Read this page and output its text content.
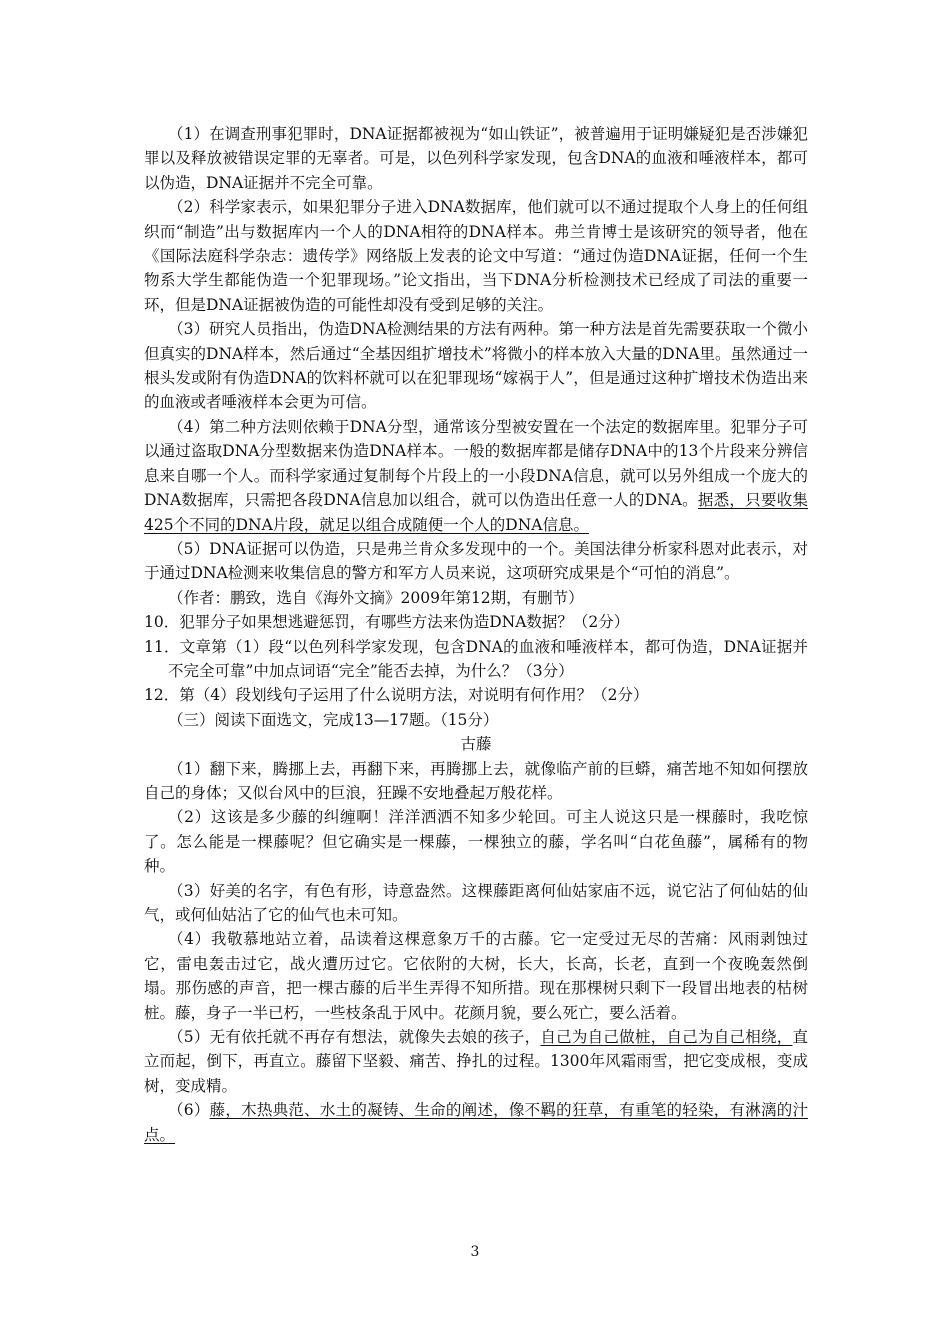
（1）在调查刑事犯罪时，DNA证据都被视为“如山铁证”，被普遍用于证明嫌疑犯是否涉嫌犯罪以及释放被错误定罪的无辜者。可是，以色列科学家发现，包含DNA的血液和唾液样本，都可以伪造，DNA证据并不完全可靠。

（2）科学家表示，如果犯罪分子进入DNA数据库，他们就可以不通过提取个人身上的任何组织而“制造”出与数据库内一个人的DNA相符的DNA样本。弗兰肯博士是该研究的领导者，他在《国际法庭科学杂志：遗传学》网络版上发表的论文中写道：“通过伪造DNA证据，任何一个生物系大学生都能伪造一个犯罪现场。”论文指出，当下DNA分析检测技术已经成了司法的重要一环，但是DNA证据被伪造的可能性却没有受到足够的关注。

（3）研究人员指出，伪造DNA检测结果的方法有两种。第一种方法是首先需要获取一个微小但真实的DNA样本，然后通过“全基因组扩增技术”将微小的样本放入大量的DNA里。虽然通过一根头发或附有伪造DNA的饮料杯就可以在犯罪现场“嫁祸于人”，但是通过这种扩增技术伪造出来的血液或者唾液样本会更为可信。

（4）第二种方法则依赖于DNA分型，通常该分型被安置在一个法定的数据库里。犯罪分子可以通过盗取DNA分型数据来伪造DNA样本。一般的数据库都是储存DNA中的13个片段来分辨信息来自哪一个人。而科学家通过复制每个片段上的一小段DNA信息，就可以另外组成一个庞大的DNA数据库，只需把各段DNA信息加以组合，就可以伪造出任意一人的DNA。据悉，只要收集425个不同的DNA片段，就足以组合成随便一个人的DNA信息。

（5）DNA证据可以伪造，只是弗兰肯众多发现中的一个。美国法律分析家科恩对此表示，对于通过DNA检测来收集信息的警方和军方人员来说，这项研究成果是个“可怕的消息”。

（作者：鹏致，选自《海外文摘》2009年第12期，有删节）

10．犯罪分子如果想逃避惩罚，有哪些方法来伪造DNA数据？（2分）

11．文章第（1）段“以色列科学家发现，包含DNA的血液和唾液样本，都可伪造，DNA证据并不完全可靠”中加点词语“完全”能否去掉，为什么？（3分）

12．第（4）段划线句子运用了什么说明方法，对说明有何作用？（2分）

（三）阅读下面选文，完成13—17题。（15分）

古藤

（1）翻下来，腾挪上去，再翻下来，再腾挪上去，就像临产前的巨蟒，痛苦地不知如何摆放自己的身体；又似台风中的巨浪，狂躁不安地叠起万般花样。

（2）这该是多少藤的纠缠啊！洋洋洒洒不知多少轮回。可主人说这只是一棵藤时，我吃惊了。怎么能是一棵藤呢？但它确实是一棵藤，一棵独立的藤，学名叫“白花鱼藤”，属稀有的物种。

（3）好美的名字，有色有形，诗意盎然。这棵藤距离何仙姑家庙不远，说它沾了何仙姑的仙气，或何仙姑沾了它的仙气也未可知。

（4）我敬慕地站立着，品读着这棵意象万千的古藤。它一定受过无尽的苦痛：风雨剥蚀过它，雷电轰击过它，战火遭历过它。它依附的大树，长大，长高，长老，直到一个夜晚轰然倒塌。那伤感的声音，把一棵古藤的后半生弄得不知所措。现在那棵树只剩下一段冒出地表的枯树桩。藤，身子一半已朽，一些枝条乱于风中。花颜月貌，要么死亡，要么活着。

（5）无有依托就不再存有想法，就像失去娘的孩子，自己为自己做桩，自己为自己相绕，直立而起，倒下，再直立。藤留下坚毅、痛苦、挣扎的过程。1300年风霜雨雪，把它变成根，变成树，变成精。

（6）藤，木热典范、水土的凝铸、生命的阐述，像不羁的狂草，有重笔的轻染，有淋漓的汁点。

3
